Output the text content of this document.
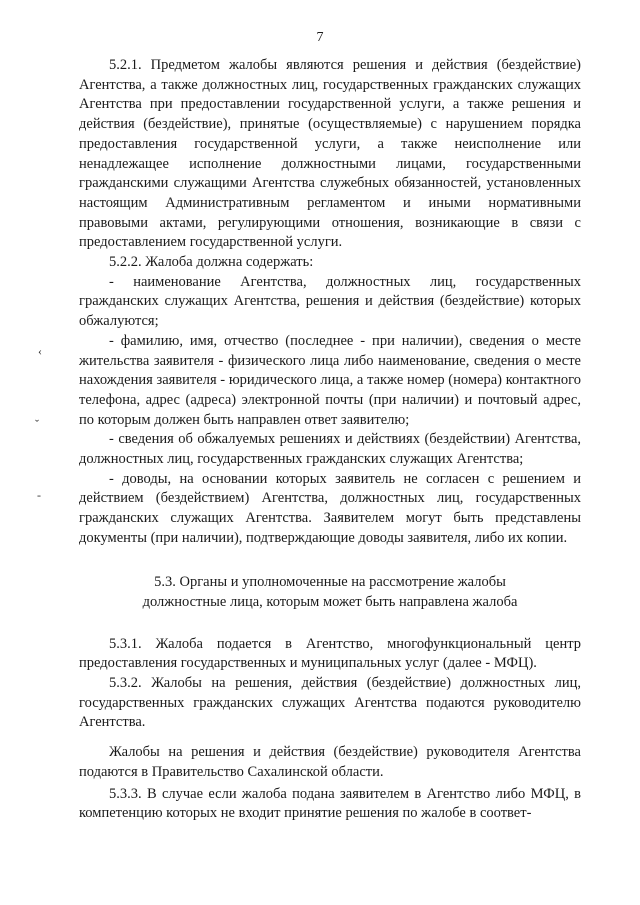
7
‹
ˇ
-

5.2.1. Предметом жалобы являются решения и действия (бездействие) Агентства, а также должностных лиц, государственных гражданских служащих Агентства при предоставлении государственной услуги, а также решения и действия (бездействие), принятые (осуществляемые) с нарушением порядка предоставления государственной услуги, а также неисполнение или ненадлежащее исполнение должностными лицами, государственными гражданскими служащими Агентства служебных обязанностей, установленных настоящим Административным регламентом и иными нормативными правовыми актами, регулирующими отношения, возникающие в связи с предоставлением государственной услуги.

5.2.2. Жалоба должна содержать:

- наименование Агентства, должностных лиц, государственных гражданских служащих Агентства, решения и действия (бездействие) которых обжалуются;

- фамилию, имя, отчество (последнее - при наличии), сведения о месте жительства заявителя - физического лица либо наименование, сведения о месте нахождения заявителя - юридического лица, а также номер (номера) контактного телефона, адрес (адреса) электронной почты (при наличии) и почтовый адрес, по которым должен быть направлен ответ заявителю;

- сведения об обжалуемых решениях и действиях (бездействии) Агентства, должностных лиц, государственных гражданских служащих Агентства;

- доводы, на основании которых заявитель не согласен с решением и действием (бездействием) Агентства, должностных лиц, государственных гражданских служащих Агентства. Заявителем могут быть представлены документы (при наличии), подтверждающие доводы заявителя, либо их копии.

5.3. Органы и уполномоченные на рассмотрение жалобы
должностные лица, которым может быть направлена жалоба

5.3.1. Жалоба подается в Агентство, многофункциональный центр предоставления государственных и муниципальных услуг (далее - МФЦ).

5.3.2. Жалобы на решения, действия (бездействие) должностных лиц, государственных гражданских служащих Агентства подаются руководителю Агентства.

Жалобы на решения и действия (бездействие) руководителя Агентства подаются в Правительство Сахалинской области.

5.3.3. В случае если жалоба подана заявителем в Агентство либо МФЦ, в компетенцию которых не входит принятие решения по жалобе в соответ-
